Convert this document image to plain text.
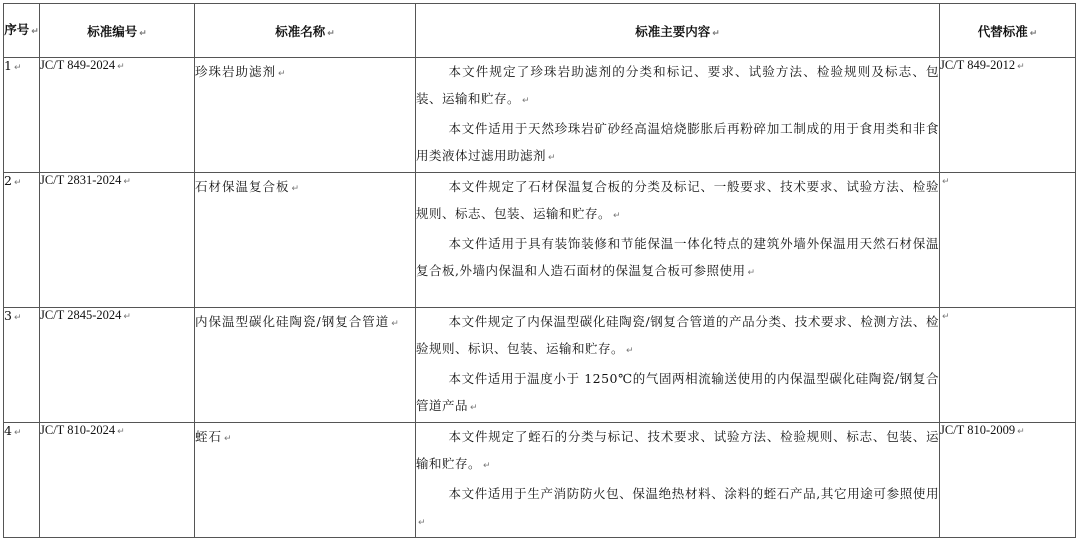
序号 ↵	标准编号 ↵	标准名称 ↵	标准主要内容 ↵	代替标准 ↵
1 ↵	JC/T 849-2024 ↵	珍珠岩助滤剂 ↵	本文件规定了珍珠岩助滤剂的分类和标记、要求、试验方法、检验规则及标志、包装、运输和贮存。 ↵

本文件适用于天然珍珠岩矿砂经高温焙烧膨胀后再粉碎加工制成的用于食用类和非食用类液体过滤用助滤剂 ↵	JC/T 849-2012 ↵
2 ↵	JC/T 2831-2024 ↵	石材保温复合板 ↵	本文件规定了石材保温复合板的分类及标记、一般要求、技术要求、试验方法、检验规则、标志、包装、运输和贮存。 ↵

本文件适用于具有装饰装修和节能保温一体化特点的建筑外墙外保温用天然石材保温复合板,外墙内保温和人造石面材的保温复合板可参照使用 ↵	↵
3 ↵	JC/T 2845-2024 ↵	内保温型碳化硅陶瓷/钢复合管道 ↵	本文件规定了内保温型碳化硅陶瓷/钢复合管道的产品分类、技术要求、检测方法、检验规则、标识、包装、运输和贮存。 ↵

本文件适用于温度小于 1250℃的气固两相流输送使用的内保温型碳化硅陶瓷/钢复合管道产品 ↵	↵
4 ↵	JC/T 810-2024 ↵	蛭石 ↵	本文件规定了蛭石的分类与标记、技术要求、试验方法、检验规则、标志、包装、运输和贮存。 ↵

本文件适用于生产消防防火包、保温绝热材料、涂料的蛭石产品,其它用途可参照使用↵	JC/T 810-2009 ↵
